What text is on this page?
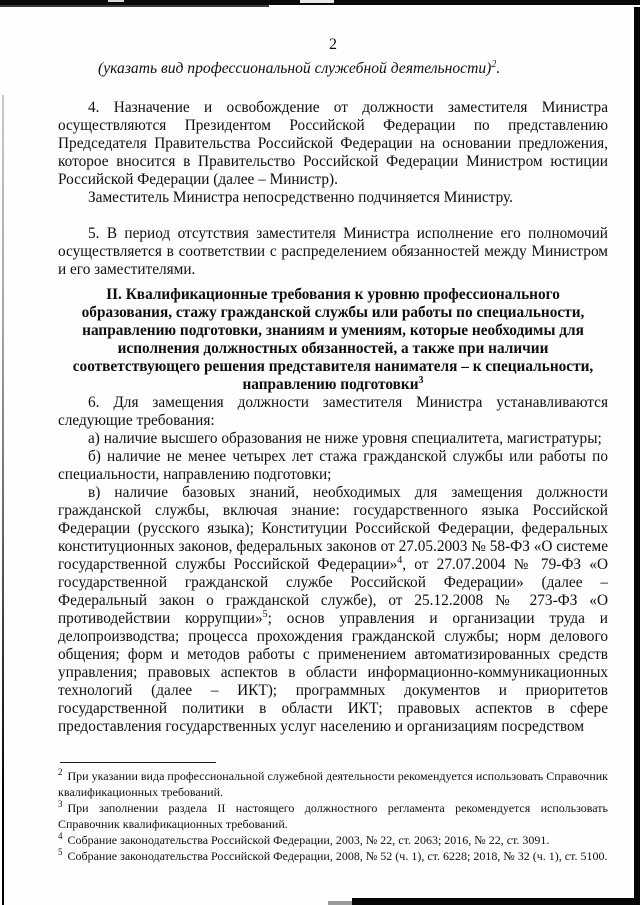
2
(указать вид профессиональной служебной деятельности)$^2$.

4. Назначение и освобождение от должности заместителя Министра осуществляются Президентом Российской Федерации по представлению Председателя Правительства Российской Федерации на основании предложения, которое вносится в Правительство Российской Федерации Министром юстиции Российской Федерации (далее – Министр).

Заместитель Министра непосредственно подчиняется Министру.

5. В период отсутствия заместителя Министра исполнение его полномочий осуществляется в соответствии с распределением обязанностей между Министром и его заместителями.

II. Квалификационные требования к уровню профессионального образования, стажу гражданской службы или работы по специальности, направлению подготовки, знаниям и умениям, которые необходимы для исполнения должностных обязанностей, а также при наличии соответствующего решения представителя нанимателя – к специальности, направлению подготовки$^3$

6. Для замещения должности заместителя Министра устанавливаются следующие требования:

а) наличие высшего образования не ниже уровня специалитета, магистратуры;

б) наличие не менее четырех лет стажа гражданской службы или работы по специальности, направлению подготовки;

в) наличие базовых знаний, необходимых для замещения должности гражданской службы, включая знание: государственного языка Российской Федерации (русского языка); Конституции Российской Федерации, федеральных конституционных законов, федеральных законов от 27.05.2003 № 58-ФЗ «О системе государственной службы Российской Федерации»$^4$, от 27.07.2004 № 79-ФЗ «О государственной гражданской службе Российской Федерации» (далее – Федеральный закон о гражданской службе), от 25.12.2008 № 273-ФЗ «О противодействии коррупции»$^5$; основ управления и организации труда и делопроизводства; процесса прохождения гражданской службы; норм делового общения; форм и методов работы с применением автоматизированных средств управления; правовых аспектов в области информационно-коммуникационных технологий (далее – ИКТ); программных документов и приоритетов государственной политики в области ИКТ; правовых аспектов в сфере предоставления государственных услуг населению и организациям посредством

$^2$ При указании вида профессиональной служебной деятельности рекомендуется использовать Справочник квалификационных требований.

$^3$ При заполнении раздела II настоящего должностного регламента рекомендуется использовать Справочник квалификационных требований.

$^4$ Собрание законодательства Российской Федерации, 2003, № 22, ст. 2063; 2016, № 22, ст. 3091.

$^5$ Собрание законодательства Российской Федерации, 2008, № 52 (ч. 1), ст. 6228; 2018, № 32 (ч. 1), ст. 5100.
